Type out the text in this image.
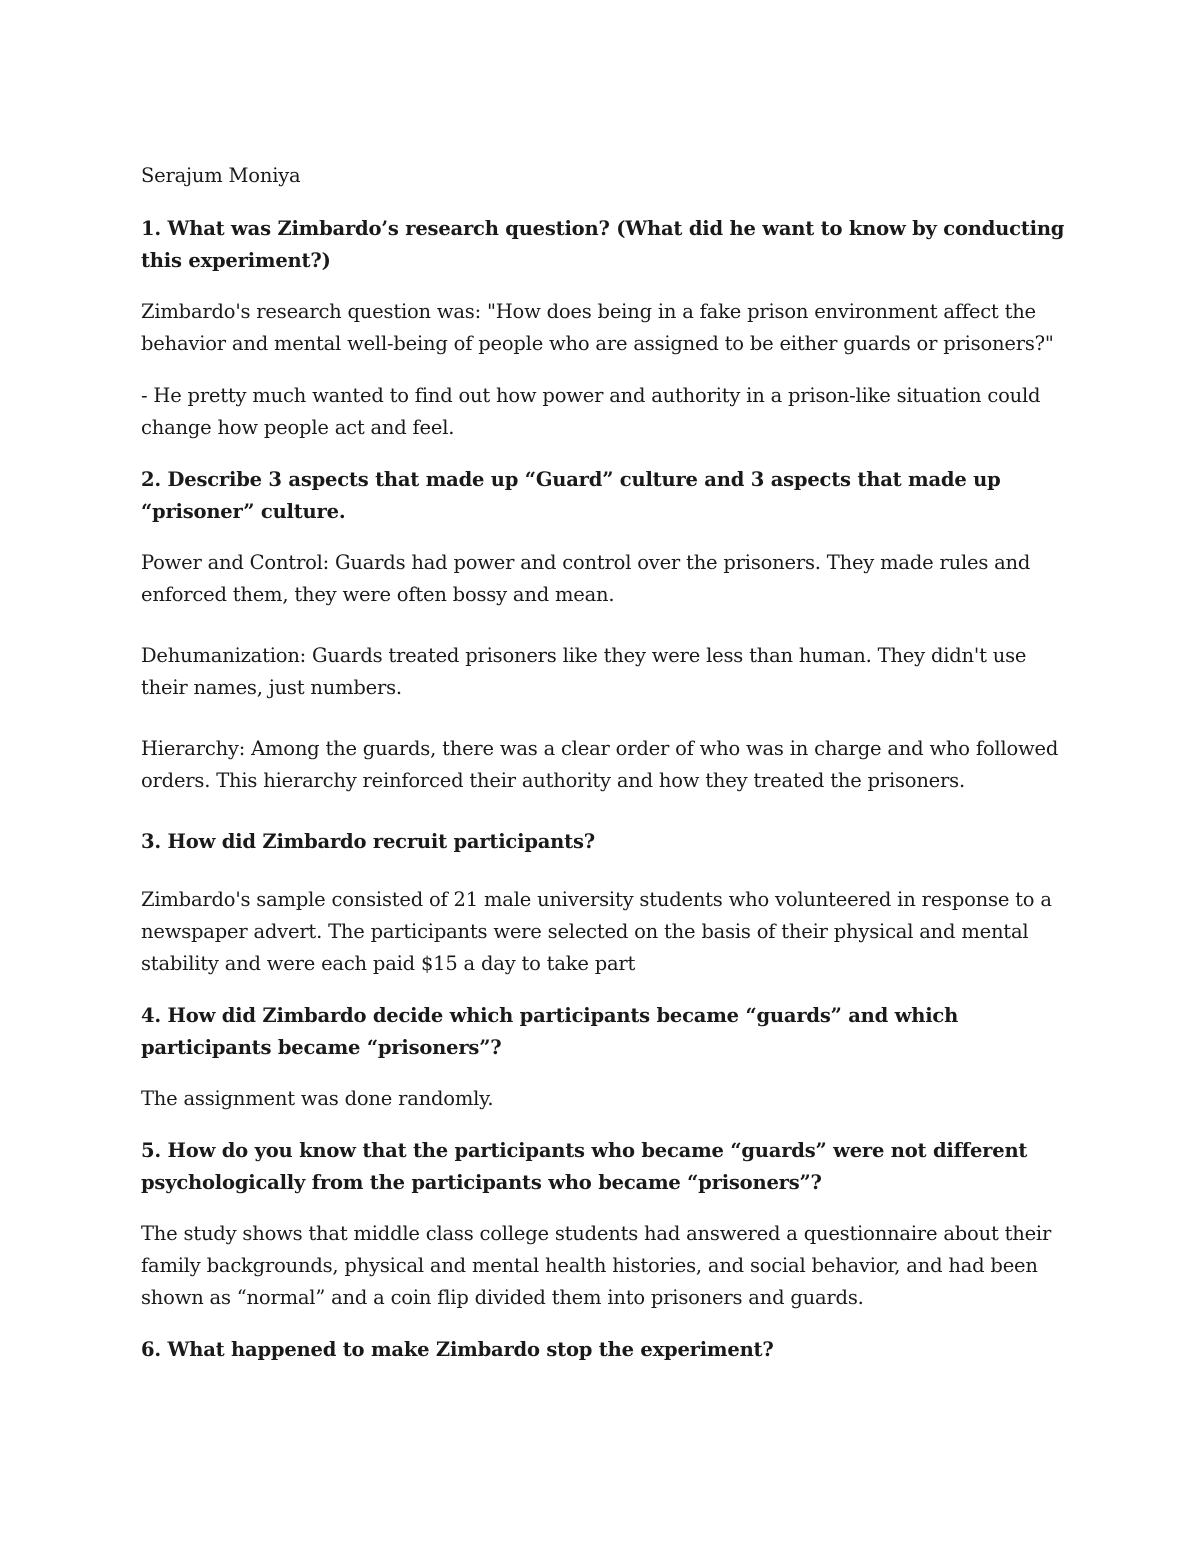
Serajum Moniya

1. What was Zimbardo’s research question? (What did he want to know by conducting this experiment?)

Zimbardo's research question was: "How does being in a fake prison environment affect the behavior and mental well-being of people who are assigned to be either guards or prisoners?"

- He pretty much wanted to find out how power and authority in a prison-like situation could change how people act and feel.

2. Describe 3 aspects that made up “Guard” culture and 3 aspects that made up “prisoner” culture.

Power and Control: Guards had power and control over the prisoners. They made rules and enforced them, they were often bossy and mean.

Dehumanization: Guards treated prisoners like they were less than human. They didn't use their names, just numbers.

Hierarchy: Among the guards, there was a clear order of who was in charge and who followed orders. This hierarchy reinforced their authority and how they treated the prisoners.

3. How did Zimbardo recruit participants?

Zimbardo's sample consisted of 21 male university students who volunteered in response to a newspaper advert. The participants were selected on the basis of their physical and mental stability and were each paid $15 a day to take part

4. How did Zimbardo decide which participants became “guards” and which participants became “prisoners”?

The assignment was done randomly.

5. How do you know that the participants who became “guards” were not different psychologically from the participants who became “prisoners”?

The study shows that middle class college students had answered a questionnaire about their family backgrounds, physical and mental health histories, and social behavior, and had been shown as “normal” and a coin flip divided them into prisoners and guards.

6. What happened to make Zimbardo stop the experiment?
